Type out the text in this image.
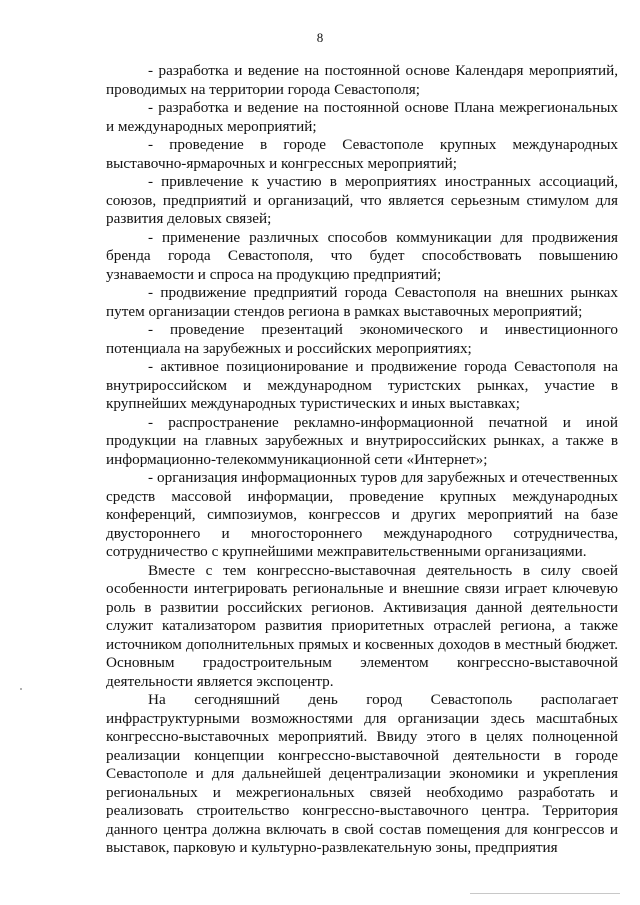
8

- разработка и ведение на постоянной основе Календаря мероприятий, проводимых на территории города Севастополя;

- разработка и ведение на постоянной основе Плана межрегиональных и международных мероприятий;

- проведение в городе Севастополе крупных международных выставочно-ярмарочных и конгрессных мероприятий;

- привлечение к участию в мероприятиях иностранных ассоциаций, союзов, предприятий и организаций, что является серьезным стимулом для развития деловых связей;

- применение различных способов коммуникации для продвижения бренда города Севастополя, что будет способствовать повышению узнаваемости и спроса на продукцию предприятий;

- продвижение предприятий города Севастополя на внешних рынках путем организации стендов региона в рамках выставочных мероприятий;

- проведение презентаций экономического и инвестиционного потенциала на зарубежных и российских мероприятиях;

- активное позиционирование и продвижение города Севастополя на внутрироссийском и международном туристских рынках, участие в крупнейших международных туристических и иных выставках;

- распространение рекламно-информационной печатной и иной продукции на главных зарубежных и внутрироссийских рынках, а также в информационно-телекоммуникационной сети «Интернет»;

- организация информационных туров для зарубежных и отечественных средств массовой информации, проведение крупных международных конференций, симпозиумов, конгрессов и других мероприятий на базе двустороннего и многостороннего международного сотрудничества, сотрудничество с крупнейшими межправительственными организациями.

Вместе с тем конгрессно-выставочная деятельность в силу своей особенности интегрировать региональные и внешние связи играет ключевую роль в развитии российских регионов. Активизация данной деятельности служит катализатором развития приоритетных отраслей региона, а также источником дополнительных прямых и косвенных доходов в местный бюджет. Основным градостроительным элементом конгрессно-выставочной деятельности является экспоцентр.

На сегодняшний день город Севастополь располагает инфраструктурными возможностями для организации здесь масштабных конгрессно-выставочных мероприятий. Ввиду этого в целях полноценной реализации концепции конгрессно-выставочной деятельности в городе Севастополе и для дальнейшей децентрализации экономики и укрепления региональных и межрегиональных связей необходимо разработать и реализовать строительство конгрессно-выставочного центра. Территория данного центра должна включать в свой состав помещения для конгрессов и выставок, парковую и культурно-развлекательную зоны, предприятия
